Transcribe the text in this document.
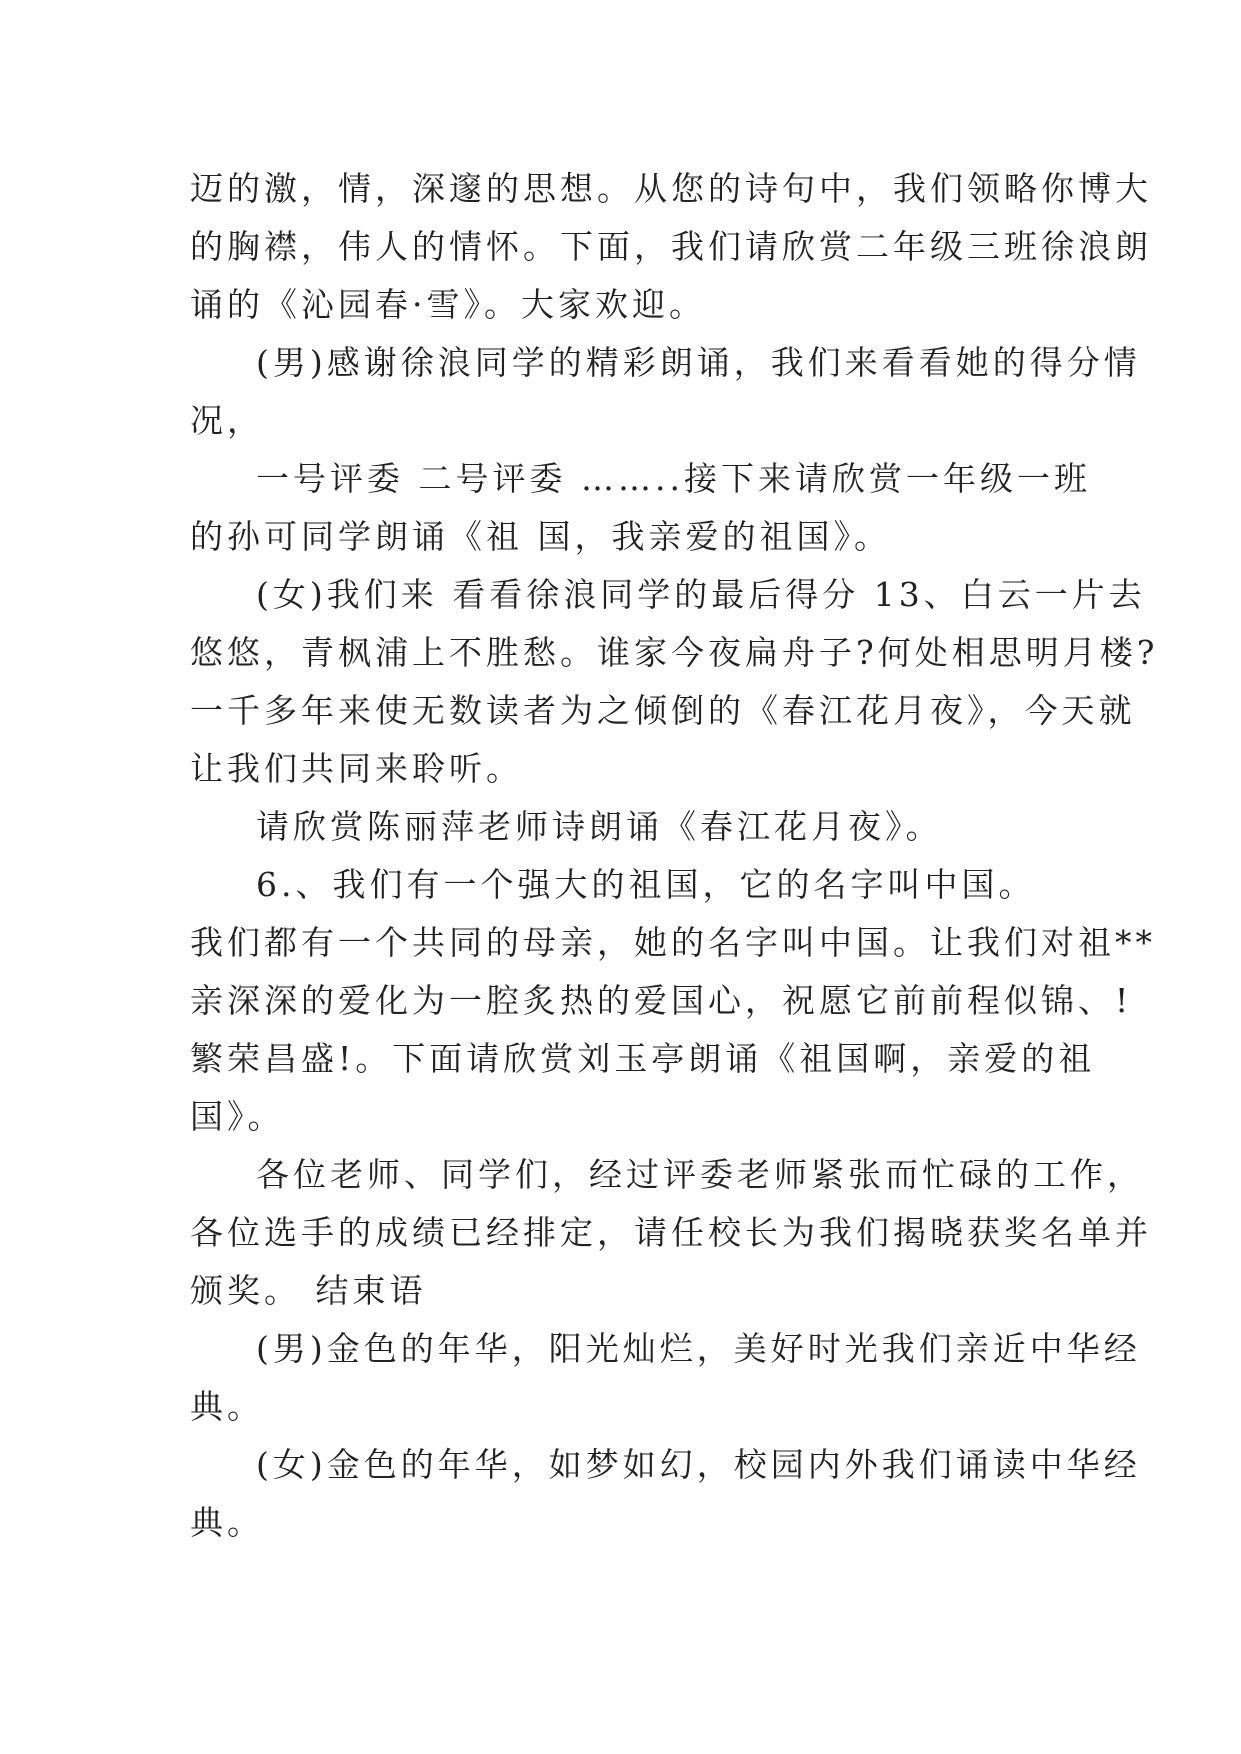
迈的激，情，深邃的思想。从您的诗句中，我们领略你博大
的胸襟，伟人的情怀。下面，我们请欣赏二年级三班徐浪朗
诵的《沁园春·雪》。大家欢迎。
(男)感谢徐浪同学的精彩朗诵，我们来看看她的得分情
况，
一号评委 二号评委 ……..接下来请欣赏一年级一班
的孙可同学朗诵《祖 国，我亲爱的祖国》。
(女)我们来 看看徐浪同学的最后得分 13、白云一片去
悠悠，青枫浦上不胜愁。谁家今夜扁舟子?何处相思明月楼?
一千多年来使无数读者为之倾倒的《春江花月夜》，今天就
让我们共同来聆听。
请欣赏陈丽萍老师诗朗诵《春江花月夜》。
6.、我们有一个强大的祖国，它的名字叫中国。
我们都有一个共同的母亲，她的名字叫中国。让我们对祖**
亲深深的爱化为一腔炙热的爱国心，祝愿它前前程似锦、!
繁荣昌盛!。下面请欣赏刘玉亭朗诵《祖国啊，亲爱的祖
国》。
各位老师、同学们，经过评委老师紧张而忙碌的工作，
各位选手的成绩已经排定，请任校长为我们揭晓获奖名单并
颁奖。 结束语
(男)金色的年华，阳光灿烂，美好时光我们亲近中华经
典。
(女)金色的年华，如梦如幻，校园内外我们诵读中华经
典。
